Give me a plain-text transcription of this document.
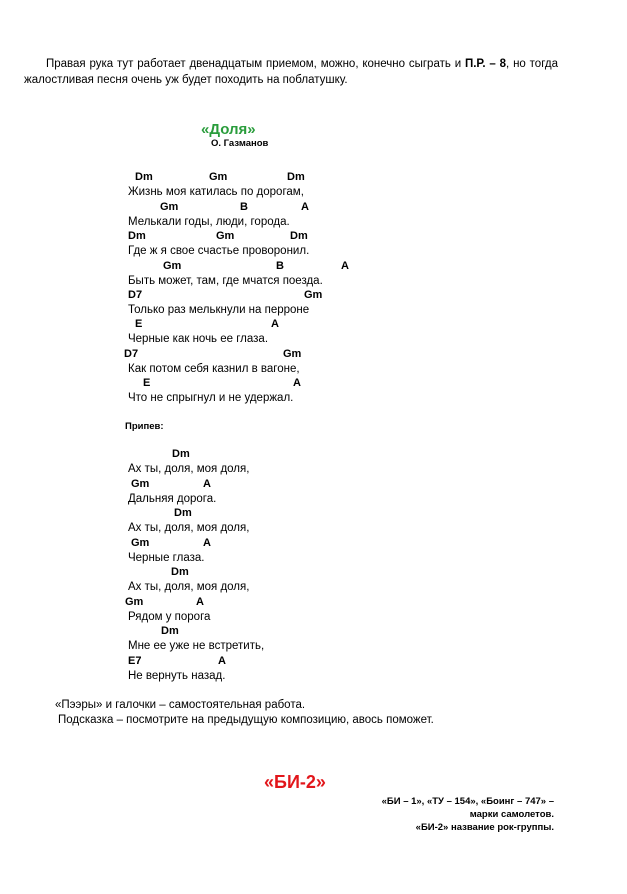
Правая рука тут работает двенадцатым приемом, можно, конечно сыграть и П.Р. – 8, но тогда жалостливая песня очень уж будет походить на поблатушку.

«Доля»
О. Газманов
Dm	Gm	Dm
Жизнь моя катилась по дорогам,
Gm	B	A
Мелькали годы, люди, города.
Dm	Gm	Dm
Где ж я свое счастье проворонил.
Gm	B	A
Быть может, там, где мчатся поезда.
D7	Gm
Только раз мелькнули на перроне
E	A
Черные как ночь ее глаза.
D7	Gm
Как потом себя казнил в вагоне,
E	A
Что не спрыгнул и не удержал.
Припев:
Dm
Ах ты, доля, моя доля,
Gm	A
Дальняя дорога.
Dm
Ах ты, доля, моя доля,
Gm	A
Черные глаза.
Dm
Ах ты, доля, моя доля,
Gm	A
Рядом у порога
Dm
Мне ее уже не встретить,
E7	A
Не вернуть назад.
«Пээры» и галочки – самостоятельная работа.
Подсказка – посмотрите на предыдущую композицию, авось поможет.
«БИ-2»
«БИ – 1», «ТУ – 154», «Боинг – 747» –
марки самолетов.
«БИ-2» название рок-группы.
